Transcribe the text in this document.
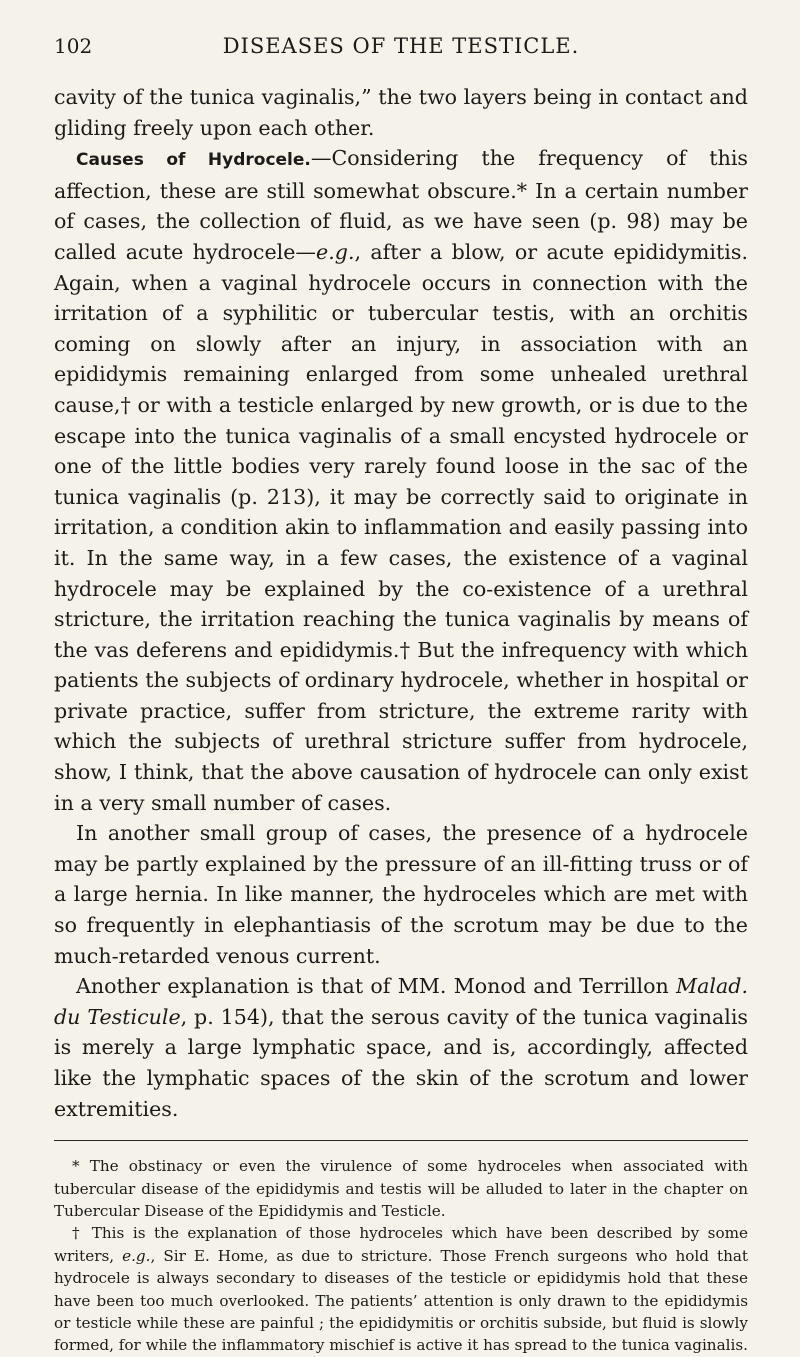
102	DISEASES OF THE TESTICLE.

cavity of the tunica vaginalis,” the two layers being in contact and gliding freely upon each other.

Causes of Hydrocele.—Considering the frequency of this affection, these are still somewhat obscure.* In a certain number of cases, the collection of fluid, as we have seen (p. 98) may be called acute hydrocele—e.g., after a blow, or acute epididymitis. Again, when a vaginal hydrocele occurs in connection with the irritation of a syphilitic or tubercular testis, with an orchitis coming on slowly after an injury, in association with an epididymis remaining enlarged from some unhealed urethral cause,† or with a testicle enlarged by new growth, or is due to the escape into the tunica vaginalis of a small encysted hydrocele or one of the little bodies very rarely found loose in the sac of the tunica vaginalis (p. 213), it may be correctly said to originate in irritation, a condition akin to inflammation and easily passing into it. In the same way, in a few cases, the existence of a vaginal hydrocele may be explained by the co-existence of a urethral stricture, the irritation reaching the tunica vaginalis by means of the vas deferens and epididymis.† But the infrequency with which patients the subjects of ordinary hydrocele, whether in hospital or private practice, suffer from stricture, the extreme rarity with which the subjects of urethral stricture suffer from hydrocele, show, I think, that the above causation of hydrocele can only exist in a very small number of cases.

In another small group of cases, the presence of a hydrocele may be partly explained by the pressure of an ill-fitting truss or of a large hernia. In like manner, the hydroceles which are met with so frequently in elephantiasis of the scrotum may be due to the much-retarded venous current.

Another explanation is that of MM. Monod and Terrillon Malad. du Testicule, p. 154), that the serous cavity of the tunica vaginalis is merely a large lymphatic space, and is, accordingly, affected like the lymphatic spaces of the skin of the scrotum and lower extremities.

* The obstinacy or even the virulence of some hydroceles when associated with tubercular disease of the epididymis and testis will be alluded to later in the chapter on Tubercular Disease of the Epididymis and Testicle.

† This is the explanation of those hydroceles which have been described by some writers, e.g., Sir E. Home, as due to stricture. Those French surgeons who hold that hydrocele is always secondary to diseases of the testicle or epididymis hold that these have been too much overlooked. The patients’ attention is only drawn to the epididymis or testicle while these are painful ; the epididymitis or orchitis subside, but fluid is slowly formed, for while the inflammatory mischief is active it has spread to the tunica vaginalis.
